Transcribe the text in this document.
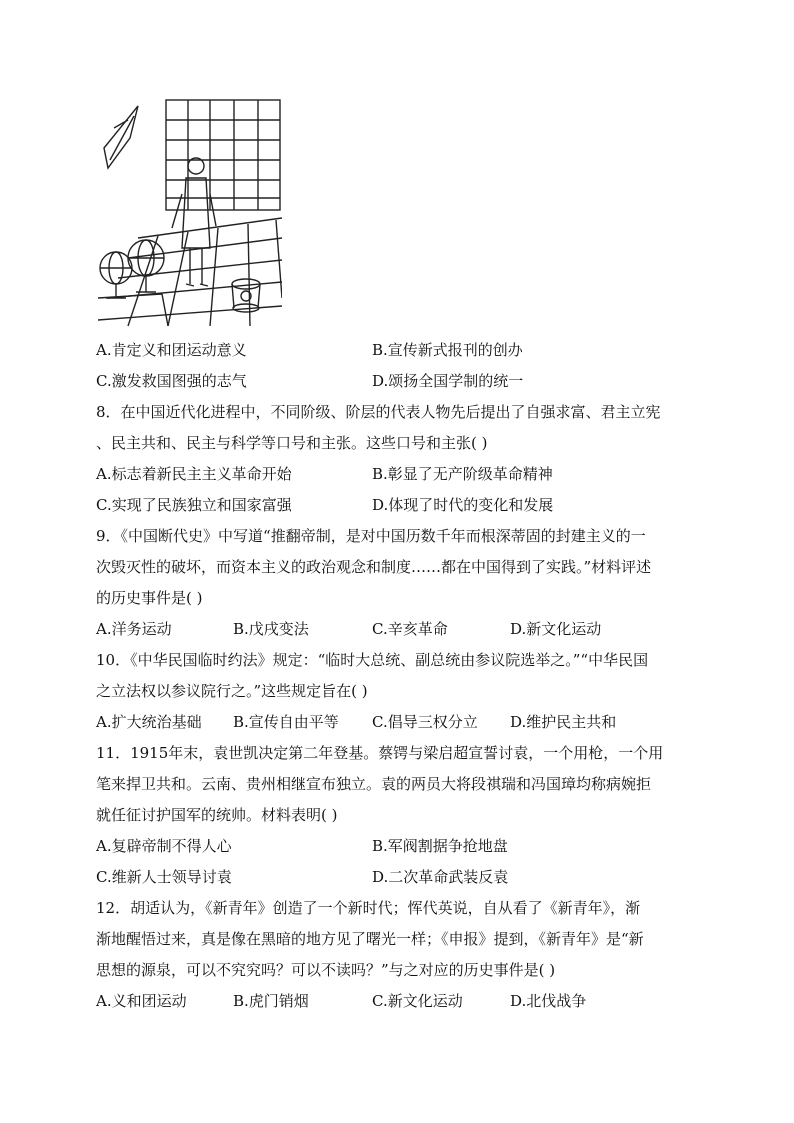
A.肯定义和团运动意义	B.宣传新式报刊的创办
C.激发救国图强的志气	D.颂扬全国学制的统一
8．在中国近代化进程中，不同阶级、阶层的代表人物先后提出了自强求富、君主立宪
、民主共和、民主与科学等口号和主张。这些口号和主张( )
A.标志着新民主主义革命开始	B.彰显了无产阶级革命精神
C.实现了民族独立和国家富强	D.体现了时代的变化和发展
9．《中国断代史》中写道“推翻帝制，是对中国历数千年而根深蒂固的封建主义的一
次毁灭性的破坏，而资本主义的政治观念和制度……都在中国得到了实践。”材料评述
的历史事件是( )
A.洋务运动	B.戊戌变法	C.辛亥革命	D.新文化运动
10．《中华民国临时约法》规定：“临时大总统、副总统由参议院选举之。”“中华民国
之立法权以参议院行之。”这些规定旨在( )
A.扩大统治基础 B.宣传自由平等 C.倡导三权分立 D.维护民主共和
11．1915年末，袁世凯决定第二年登基。蔡锷与梁启超宣誓讨袁，一个用枪，一个用
笔来捍卫共和。云南、贵州相继宣布独立。袁的两员大将段祺瑞和冯国璋均称病婉拒
就任征讨护国军的统帅。材料表明( )
A.复辟帝制不得人心	B.军阀割据争抢地盘
C.维新人士领导讨袁	D.二次革命武装反袁
12．胡适认为，《新青年》创造了一个新时代；恽代英说，自从看了《新青年》，渐
渐地醒悟过来，真是像在黑暗的地方见了曙光一样；《申报》提到，《新青年》是“新
思想的源泉，可以不究究吗？可以不读吗？”与之对应的历史事件是( )
A.义和团运动	B.虎门销烟	C.新文化运动	D.北伐战争
